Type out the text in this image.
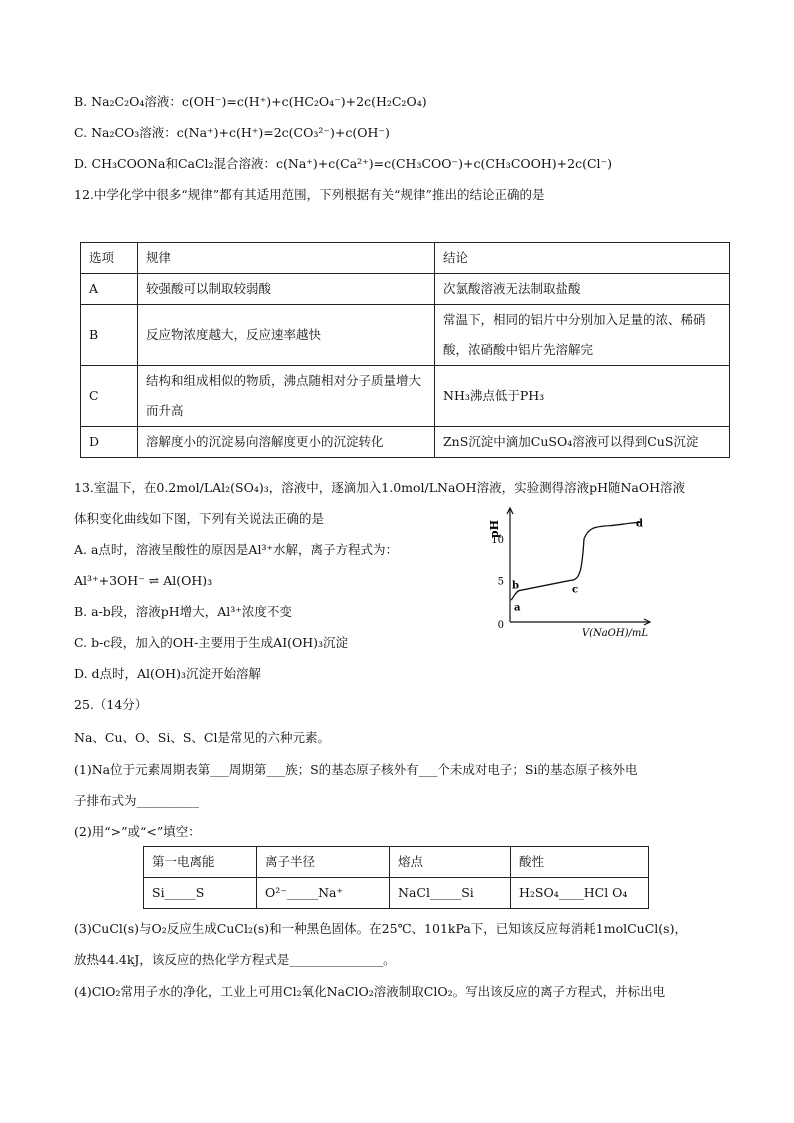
B. Na₂C₂O₄溶液：c(OH⁻)=c(H⁺)+c(HC₂O₄⁻)+2c(H₂C₂O₄)
C. Na₂CO₃溶液：c(Na⁺)+c(H⁺)=2c(CO₃²⁻)+c(OH⁻)
D. CH₃COONa和CaCl₂混合溶液：c(Na⁺)+c(Ca²⁺)=c(CH₃COO⁻)+c(CH₃COOH)+2c(Cl⁻)
12.中学化学中很多“规律”都有其适用范围，下列根据有关“规律”推出的结论正确的是
选项	规律	结论
A	较强酸可以制取较弱酸	次氯酸溶液无法制取盐酸
B	反应物浓度越大，反应速率越快	常温下，相同的铝片中分别加入足量的浓、稀硝酸，浓硝酸中铝片先溶解完
C	结构和组成相似的物质，沸点随相对分子质量增大而升高	NH₃沸点低于PH₃
D	溶解度小的沉淀易向溶解度更小的沉淀转化	ZnS沉淀中滴加CuSO₄溶液可以得到CuS沉淀
13.室温下，在0.2mol/LAl₂(SO₄)₃，溶液中，逐滴加入1.0mol/LNaOH溶液，实验测得溶液pH随NaOH溶液
体积变化曲线如下图，下列有关说法正确的是
A. a点时，溶液呈酸性的原因是Al³⁺水解，离子方程式为：
Al³⁺+3OH⁻ ⇌ Al(OH)₃
B. a-b段，溶液pH增大，Al³⁺浓度不变
C. b-c段，加入的OH-主要用于生成AI(OH)₃沉淀
D. d点时，Al(OH)₃沉淀开始溶解
pH
V(NaOH)/mL
0
5
10
a
b	c
d
25.（14分）
Na、Cu、O、Si、S、Cl是常见的六种元素。
(1)Na位于元素周期表第___周期第___族；S的基态原子核外有___个未成对电子；Si的基态原子核外电
子排布式为__________
(2)用“>”或“<”填空：
第一电离能	离子半径	熔点	酸性
Si_____S	O²⁻_____Na⁺	NaCl_____Si	H₂SO₄____HCl O₄
(3)CuCl(s)与O₂反应生成CuCl₂(s)和一种黑色固体。在25℃、101kPa下，已知该反应每消耗1molCuCl(s)，
放热44.4kJ，该反应的热化学方程式是_______________。
(4)ClO₂常用子水的净化，工业上可用Cl₂氧化NaClO₂溶液制取ClO₂。写出该反应的离子方程式，并标出电
